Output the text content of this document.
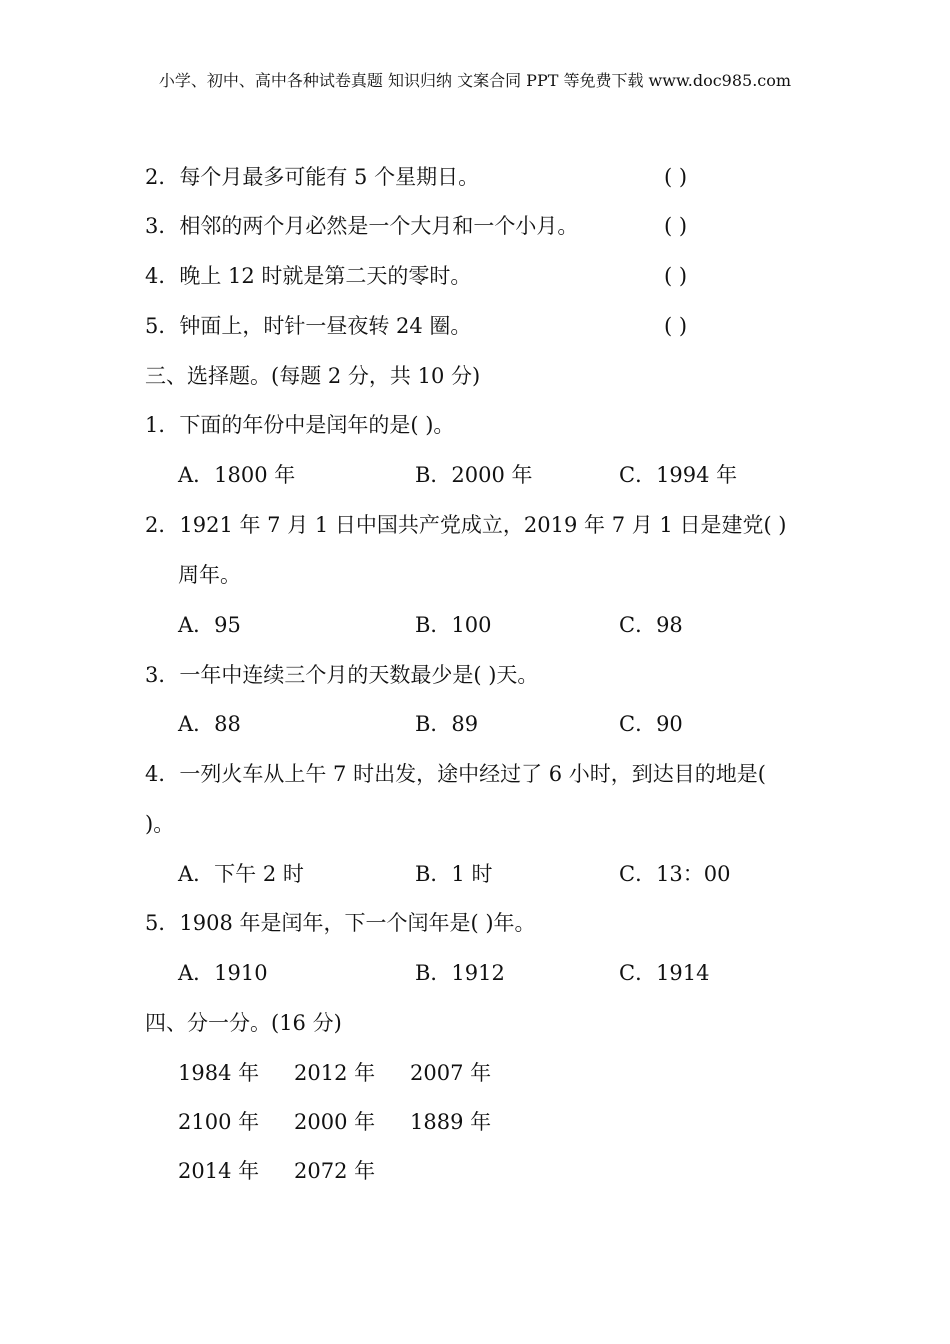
小学、初中、高中各种试卷真题 知识归纳 文案合同 PPT 等免费下载 www.doc985.com
2．每个月最多可能有 5 个星期日。	( )
3．相邻的两个月必然是一个大月和一个小月。	( )
4．晚上 12 时就是第二天的零时。	( )
5．钟面上，时针一昼夜转 24 圈。	( )
三、选择题。(每题 2 分，共 10 分)
1．下面的年份中是闰年的是( )。
A．1800 年	B．2000 年	C．1994 年
2．1921 年 7 月 1 日中国共产党成立，2019 年 7 月 1 日是建党( )
周年。
A．95	B．100	C．98
3．一年中连续三个月的天数最少是( )天。
A．88	B．89	C．90
4．一列火车从上午 7 时出发，途中经过了 6 小时，到达目的地是(
)。
A．下午 2 时	B．1 时	C．13：00
5．1908 年是闰年，下一个闰年是( )年。
A．1910	B．1912	C．1914
四、分一分。(16 分)
1984 年 2012 年 2007 年
2100 年 2000 年 1889 年
2014 年 2072 年
